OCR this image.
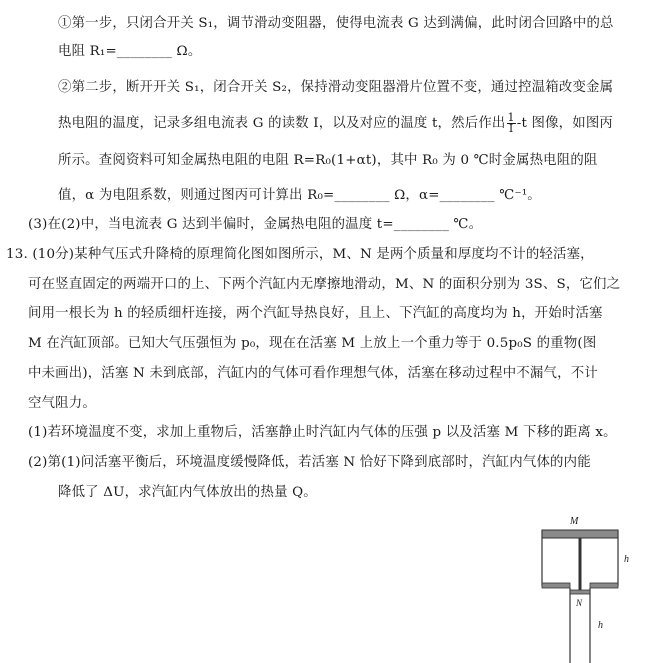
①第一步，只闭合开关 S₁，调节滑动变阻器，使得电流表 G 达到满偏，此时闭合回路中的总
电阻 R₁=________ Ω。
②第二步，断开开关 S₁，闭合开关 S₂，保持滑动变阻器滑片位置不变，通过控温箱改变金属
热电阻的温度，记录多组电流表 G 的读数 I，以及对应的温度 t，然后作出 $\frac{1}{I} -t$ 图像，如图丙
所示。查阅资料可知金属热电阻的电阻 R=R₀(1+αt)，其中 R₀ 为 0 ℃时金属热电阻的阻
值，α 为电阻系数，则通过图丙可计算出 R₀=________ Ω，α=________ ℃⁻¹。
(3)在(2)中，当电流表 G 达到半偏时，金属热电阻的温度 t=________ ℃。
13. (10分)某种气压式升降椅的原理简化图如图所示，M、N 是两个质量和厚度均不计的轻活塞，
可在竖直固定的两端开口的上、下两个汽缸内无摩擦地滑动，M、N 的面积分别为 3S、S，它们之
间用一根长为 h 的轻质细杆连接，两个汽缸导热良好，且上、下汽缸的高度均为 h，开始时活塞
M 在汽缸顶部。已知大气压强恒为 p₀，现在在活塞 M 上放上一个重力等于 0.5p₀S 的重物(图
中未画出)，活塞 N 未到底部，汽缸内的气体可看作理想气体，活塞在移动过程中不漏气，不计
空气阻力。
(1)若环境温度不变，求加上重物后，活塞静止时汽缸内气体的压强 p 以及活塞 M 下移的距离 x。
(2)第(1)问活塞平衡后，环境温度缓慢降低，若活塞 N 恰好下降到底部时，汽缸内气体的内能
降低了 ΔU，求汽缸内气体放出的热量 Q。
M
h
N
h
